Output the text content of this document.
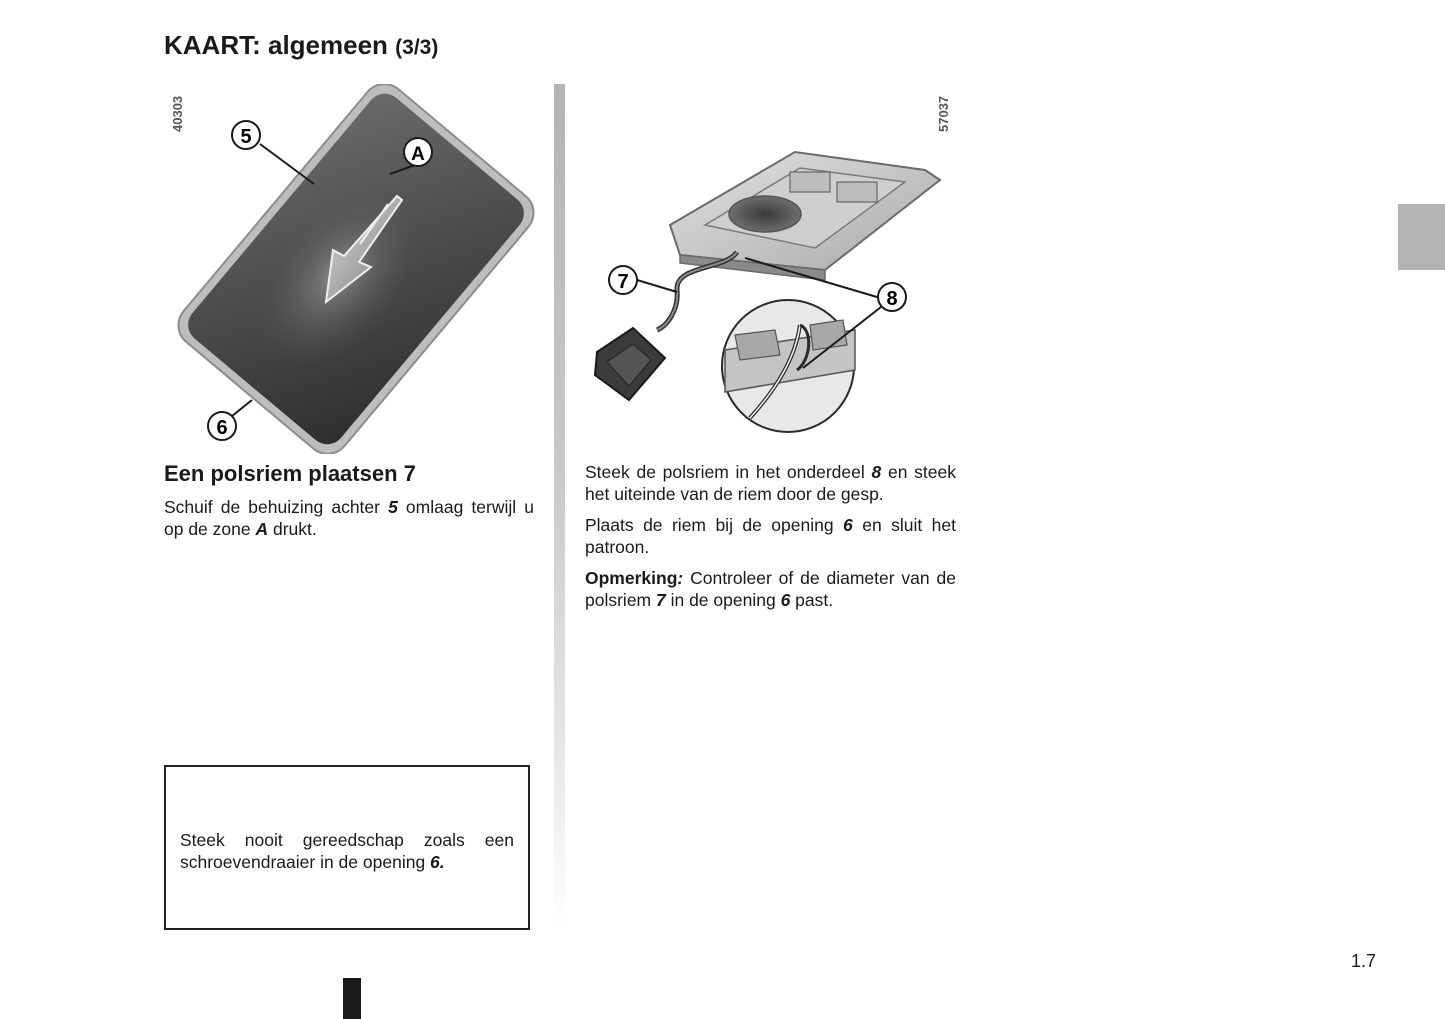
KAART: algemeen (3/3)
40303
5
A
6
57037
7
8
Een polsriem plaatsen 7

Schuif de behuizing achter 5 omlaag terwijl u op de zone A drukt.

Steek nooit gereedschap zoals een schroevendraaier in de opening 6.

Steek de polsriem in het onderdeel 8 en steek het uiteinde van de riem door de gesp.

Plaats de riem bij de opening 6 en sluit het patroon.

Opmerking: Controleer of de diameter van de polsriem 7 in de opening 6 past.

1.7
